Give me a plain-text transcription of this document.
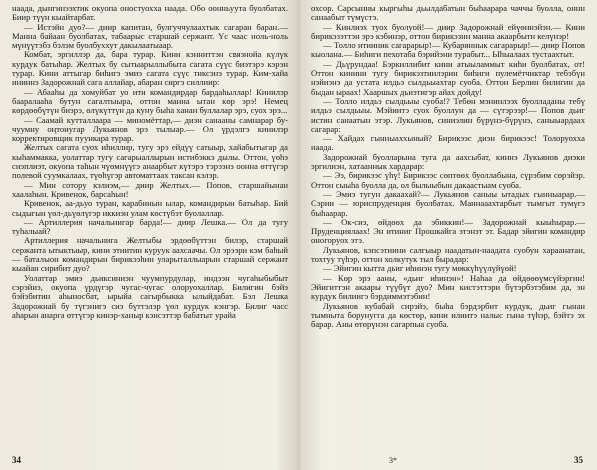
наада, дынгинээхтик окуопа оностуохха наада. Обо оонньуута буолбатах. Биир түүн кыайтарбат.

— Истэйн дуо?— диир капитан, булгуччулаахтык сагаран баран.— Манна байаан буолбатах, табаарыс старшай сержант. Үс чаас ноль-ноль мүнүүтэбэ бэлэм буолбуххут дакылаатыаар.

Комбат, эргиллэр да, бара турар. Кини кэнниттэн связнойа күлүк курдук батыһар. Желтых бу сытыарыллыбыта сагата сүүс биэтэрэ кэрэн турар. Кини аттыгар биһигэ эмиэ сагата сүүс тиксэнэ турар. Ким-хайа ининнэ Задорожнай сага аллайар, абаран сиргэ силлиир:

— Абааһы да хомуйбат уо ити командирдар бардаһыллар! Кинилэр бааралааһа бутун сагалтыыра, оттон манна ытан көр эрэ! Немец көрдөөбүтүн биэрэ, өлүкүттүн да куну быһа ханан буллалар эрэ, суох эрэ...

— Саамай кутталлаара — миномёттар,— диэн санааны самнарар бу-чуумну оңтоиугар Лукьянов эрэ тылыар.— Ол үрдэлгэ кинилэр корректировщик пуункара турар.

Желтых сагата суох иһиллир, тугу эрэ ейдүү сатыыр, хайабытыгар да кыһаммакка, уолаттар тугу сагарыаллырын истибэккэ дылы. Оттон, үөһэ сиэплиэт, окуопа таһын чүөмнүүгэ анаарбыт күтэрэ тэрээнэ оонна өттүгэр полевой суумкалаах, түөһүгэр автоматтаах таксан кэлэр.

— Мин сотору кэлиэм,— диир Желтых.— Попов, старшайынан хаалаһын. Кривенок, барсаһын!

Кривенок, аа-дьуо туран, карабинын ылар, командирын батыһар. Бий сыдыгын үөл-дьүөлүгэр иккиэн улам көстүбэт буолаллар.

— Артиллерия начальнигар барда!— диир Лешка.— Ол да тугу туһалыай?

Артиллерия начальнига Желтыбы эрдөөбүттэн билэр, старшай сержанта ытыктыыр, кини этиитин куруук аахсаачы. Ол эрээри кэм баһый — баталыон командирын бирикээһин уларыталлыарын старшай сержант кыайан сирибит дуо?

Уолаттар эмиэ дьиксиниэн чуумпурдулар, индээн чугаһыбыбыт сэрэйиэ, окуопа үрдүгэр чугас-чугас олоруохаллар. Билигин бэйэ бэйэбитин аһыносбат, ырыйа сагырбыкка ылыйдабат. Бэл Лешка Задорожнай бу түгэнигэ сиэ бүттэлэр үөл курдук кэнгэр. Билиг часс аһарын анарга өттүгэр кинэр-ханыр кэнсэттэр бабатыт урайа

34

охсор. Сарсынны кыргыһы дьылдабатын быһаарара чаччы буолла, оннн санаабыт түмүстэ.

— Кинлиэх туох буолуой!— диир Задорожнай ейүөннэйэн.— Кини бирикэзэттэн эрэ кэбинэр, оттон бирикэзнн манна акаарбытн келүнэр!

— Толло итииник сагарарыр!— Кубаряннык сагарарыр!— диир Попов кыолана.— Биһиги пехотаба бэрийэни турабыт... Ыһыалаах тустаахтыт.

— Дьүрундаа! Бэркиллибит кини атыыламмыт киһи буолбатах, от! Оттон кинини тугу бирикэзтиилэрин биһиги пулемётчиктар тебэбүн нэйиэнэ да устата илдьэ сылдьыахтар суоба. Оттон Берлин билигин да быдан ыраах! Хааршых дьиэтигэр айах дойду!

— Толло илдьэ сылдьыы суоба!? Тебөн мэнинлээх буолладаны тебү илдьэ сылдьыы. Мэйиитэ суох буоллун да — сүтэрээр!— Попов дьиг истин санаатын этэр. Лукьянов, синиэлин бүрүнэ-бүрүнэ, саныыардаах сагарар:

— Хайдах гынныаххыный? Бирикээс диэн бирикээс! Толоруохха наада.

Задорожнай буолларына туга да аахсыбат, киннэ Лукьянов диэки эргилиэн, хатааннык хардарар:

— Ээ, бирикээс үһү! Бирикээс сөптөөх буоллабына, сүрэбим сөрэйэр. Оттон сыыһа буолла да, ол былыыбын дакаастыам суоба.

— Эмиэ тугун дакаахай?— Лукьянов саныы ытадых гынныарар.— Сэрии — юриспруденция буолбатах. Маннааахтарбыт тымгыт тумүгэ быһаарар.

— Ок-сиэ, өйдөөх да эбиккин!— Задорожнай кыыһырар.— Пруденциялаах! Эн итиниг Прошкайга этэнэт эт. Бадар эйигин командир оногоруох этэ.

Лукьянов, кэпсэтиини салгыыр наадатын-наадата суобун хараанатан, тохтуу түһэр, оттон холкутук тыл бырадар:

— Эйигин кытта дьиг иһинэн тугу мөккүһүүлүйүөй!

— Көр эрэ ааны, «дьиг иһинэн»! Наһаа да өйдөөөүмсүйэргин! Эйигиттэн акаары түүбүт дуо? Мин кистэттэри бүтэрбэтэбим да, эн курдук билиигэ бэрдиммэтэбин!

Лукьянов кубабай сирэйэ, быһа бэрдэрбит курдук, дьиг гынан тымныта борунугга да көстөр, кини илиитэ налыс гына түһэр, бэйтэ эх барар. Аны өтөрүнэн сагарпыа суоба.

3*	35
